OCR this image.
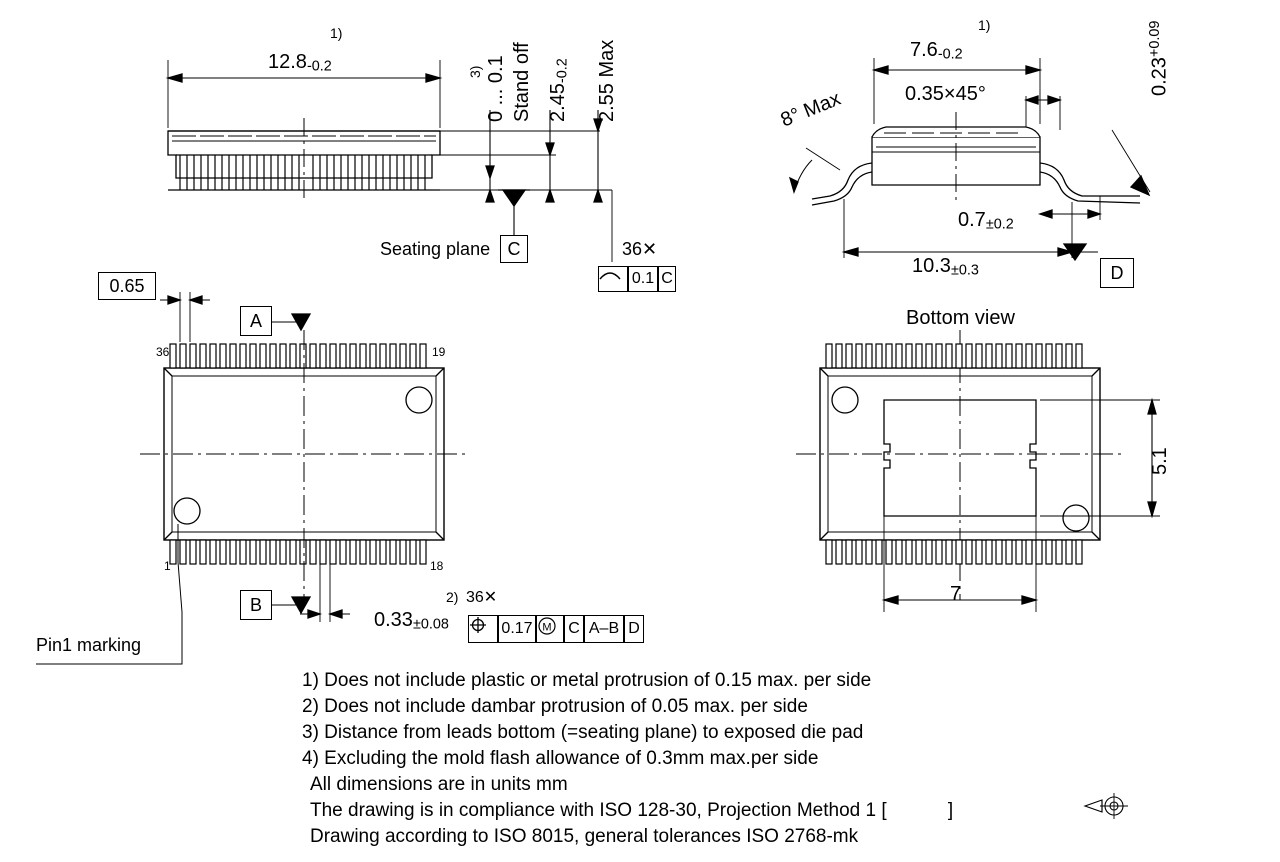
12.8-0.2
1)
0 ... 0.1
3) Stand off 2.45-0.2 2.55 Max
Seating plane C	36✕
0.1 C
7.6-0.2
1)
0.35×45°
8° Max
$0.23^{+0.09}$
0.7±0.2
10.3±0.3	D
Bottom view
0.65
A
B
36	19
1	18
Pin1 marking
0.33±0.08
2) 36✕
0.17 M C A–B D
5.1
7
1) Does not include plastic or metal protrusion of 0.15 max. per side
2) Does not include dambar protrusion of 0.05 max. per side
3) Distance from leads bottom (=seating plane) to exposed die pad
4) Excluding the mold flash allowance of 0.3mm max.per side
All dimensions are in units mm
The drawing is in compliance with ISO 128-30, Projection Method 1 [	]
Drawing according to ISO 8015, general tolerances ISO 2768-mk
